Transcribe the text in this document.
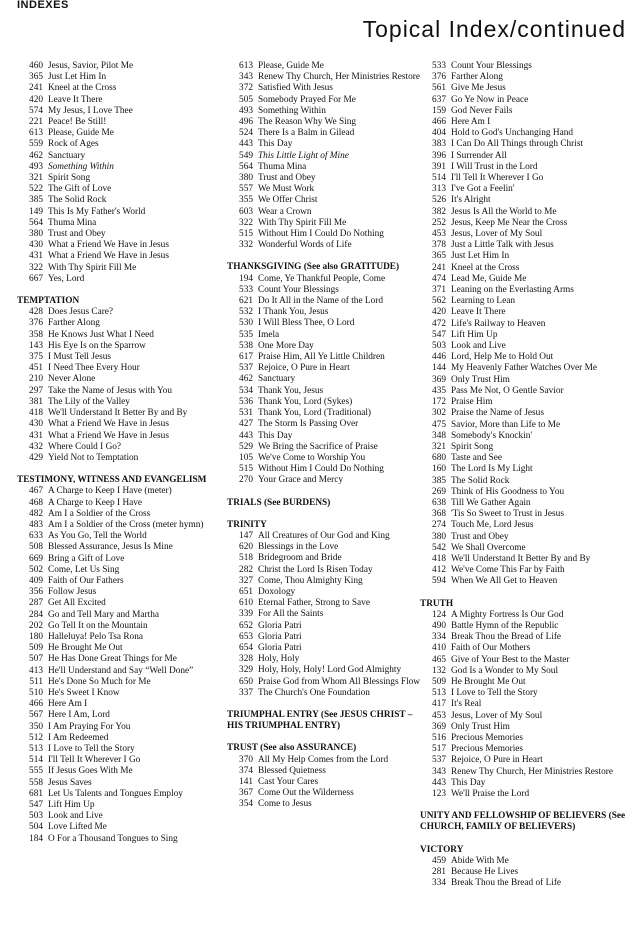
INDEXES
Topical Index/continued
460 Jesus, Savior, Pilot Me
365 Just Let Him In
241 Kneel at the Cross
420 Leave It There
574 My Jesus, I Love Thee
221 Peace! Be Still!
613 Please, Guide Me
559 Rock of Ages
462 Sanctuary
493 Something Within
321 Spirit Song
522 The Gift of Love
385 The Solid Rock
149 This Is My Father's World
564 Thuma Mina
380 Trust and Obey
430 What a Friend We Have in Jesus
431 What a Friend We Have in Jesus
322 With Thy Spirit Fill Me
667 Yes, Lord
TEMPTATION
428 Does Jesus Care?
376 Farther Along
358 He Knows Just What I Need
143 His Eye Is on the Sparrow
375 I Must Tell Jesus
451 I Need Thee Every Hour
210 Never Alone
297 Take the Name of Jesus with You
381 The Lily of the Valley
418 We'll Understand It Better By and By
430 What a Friend We Have in Jesus
431 What a Friend We Have in Jesus
432 Where Could I Go?
429 Yield Not to Temptation
TESTIMONY, WITNESS AND EVANGELISM
467 A Charge to Keep I Have (meter)
468 A Charge to Keep I Have
482 Am I a Soldier of the Cross
483 Am I a Soldier of the Cross (meter hymn)
633 As You Go, Tell the World
508 Blessed Assurance, Jesus Is Mine
669 Bring a Gift of Love
502 Come, Let Us Sing
409 Faith of Our Fathers
356 Follow Jesus
287 Get All Excited
284 Go and Tell Mary and Martha
202 Go Tell It on the Mountain
180 Halleluya! Pelo Tsa Rona
509 He Brought Me Out
507 He Has Done Great Things for Me
413 He'll Understand and Say “Well Done”
511 He's Done So Much for Me
510 He's Sweet I Know
466 Here Am I
567 Here I Am, Lord
350 I Am Praying For You
512 I Am Redeemed
513 I Love to Tell the Story
514 I'll Tell It Wherever I Go
555 If Jesus Goes With Me
558 Jesus Saves
681 Let Us Talents and Tongues Employ
547 Lift Him Up
503 Look and Live
504 Love Lifted Me
184 O For a Thousand Tongues to Sing
613 Please, Guide Me
343 Renew Thy Church, Her Ministries Restore
372 Satisfied With Jesus
505 Somebody Prayed For Me
493 Something Within
496 The Reason Why We Sing
524 There Is a Balm in Gilead
443 This Day
549 This Little Light of Mine
564 Thuma Mina
380 Trust and Obey
557 We Must Work
355 We Offer Christ
603 Wear a Crown
322 With Thy Spirit Fill Me
515 Without Him I Could Do Nothing
332 Wonderful Words of Life
THANKSGIVING (See also GRATITUDE)
194 Come, Ye Thankful People, Come
533 Count Your Blessings
621 Do It All in the Name of the Lord
532 I Thank You, Jesus
530 I Will Bless Thee, O Lord
535 Imela
538 One More Day
617 Praise Him, All Ye Little Children
537 Rejoice, O Pure in Heart
462 Sanctuary
534 Thank You, Jesus
536 Thank You, Lord (Sykes)
531 Thank You, Lord (Traditional)
427 The Storm Is Passing Over
443 This Day
529 We Bring the Sacrifice of Praise
105 We've Come to Worship You
515 Without Him I Could Do Nothing
270 Your Grace and Mercy
TRIALS (See BURDENS)
TRINITY
147 All Creatures of Our God and King
620 Blessings in the Love
518 Bridegroom and Bride
282 Christ the Lord Is Risen Today
327 Come, Thou Almighty King
651 Doxology
610 Eternal Father, Strong to Save
339 For All the Saints
652 Gloria Patri
653 Gloria Patri
654 Gloria Patri
328 Holy, Holy
329 Holy, Holy, Holy! Lord God Almighty
650 Praise God from Whom All Blessings Flow
337 The Church's One Foundation
TRIUMPHAL ENTRY (See JESUS CHRIST – HIS TRIUMPHAL ENTRY)
TRUST (See also ASSURANCE)
370 All My Help Comes from the Lord
374 Blessed Quietness
141 Cast Your Cares
367 Come Out the Wilderness
354 Come to Jesus
533 Count Your Blessings
376 Farther Along
561 Give Me Jesus
637 Go Ye Now in Peace
159 God Never Fails
466 Here Am I
404 Hold to God's Unchanging Hand
383 I Can Do All Things through Christ
396 I Surrender All
391 I Will Trust in the Lord
514 I'll Tell It Wherever I Go
313 I've Got a Feelin'
526 It's Alright
382 Jesus Is All the World to Me
252 Jesus, Keep Me Near the Cross
453 Jesus, Lover of My Soul
378 Just a Little Talk with Jesus
365 Just Let Him In
241 Kneel at the Cross
474 Lead Me, Guide Me
371 Leaning on the Everlasting Arms
562 Learning to Lean
420 Leave It There
472 Life's Railway to Heaven
547 Lift Him Up
503 Look and Live
446 Lord, Help Me to Hold Out
144 My Heavenly Father Watches Over Me
369 Only Trust Him
435 Pass Me Not, O Gentle Savior
172 Praise Him
302 Praise the Name of Jesus
475 Savior, More than Life to Me
348 Somebody's Knockin'
321 Spirit Song
680 Taste and See
160 The Lord Is My Light
385 The Solid Rock
269 Think of His Goodness to You
638 Till We Gather Again
368 'Tis So Sweet to Trust in Jesus
274 Touch Me, Lord Jesus
380 Trust and Obey
542 We Shall Overcome
418 We'll Understand It Better By and By
412 We've Come This Far by Faith
594 When We All Get to Heaven
TRUTH
124 A Mighty Fortress Is Our God
490 Battle Hymn of the Republic
334 Break Thou the Bread of Life
410 Faith of Our Mothers
465 Give of Your Best to the Master
132 God Is a Wonder to My Soul
509 He Brought Me Out
513 I Love to Tell the Story
417 It's Real
453 Jesus, Lover of My Soul
369 Only Trust Him
516 Precious Memories
517 Precious Memories
537 Rejoice, O Pure in Heart
343 Renew Thy Church, Her Ministries Restore
443 This Day
123 We'll Praise the Lord
UNITY AND FELLOWSHIP OF BELIEVERS (See CHURCH, FAMILY OF BELIEVERS)
VICTORY
459 Abide With Me
281 Because He Lives
334 Break Thou the Bread of Life
